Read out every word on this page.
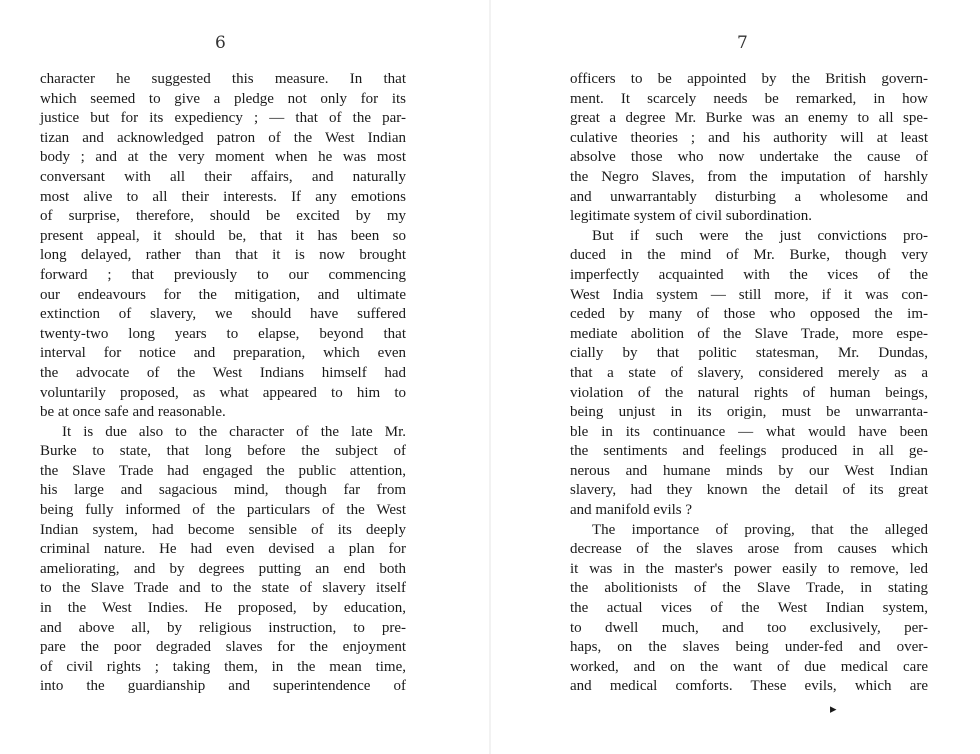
6
character he suggested this measure. In that
which seemed to give a pledge not only for its
justice but for its expediency ; — that of the par-
tizan and acknowledged patron of the West Indian
body ; and at the very moment when he was most
conversant with all their affairs, and naturally
most alive to all their interests. If any emotions
of surprise, therefore, should be excited by my
present appeal, it should be, that it has been so
long delayed, rather than that it is now brought
forward ; that previously to our commencing
our endeavours for the mitigation, and ultimate
extinction of slavery, we should have suffered
twenty-two long years to elapse, beyond that
interval for notice and preparation, which even
the advocate of the West Indians himself had
voluntarily proposed, as what appeared to him to
be at once safe and reasonable.
It is due also to the character of the late Mr.
Burke to state, that long before the subject of
the Slave Trade had engaged the public attention,
his large and sagacious mind, though far from
being fully informed of the particulars of the West
Indian system, had become sensible of its deeply
criminal nature. He had even devised a plan for
ameliorating, and by degrees putting an end both
to the Slave Trade and to the state of slavery itself
in the West Indies. He proposed, by education,
and above all, by religious instruction, to pre-
pare the poor degraded slaves for the enjoyment
of civil rights ; taking them, in the mean time,
into the guardianship and superintendence of
7
officers to be appointed by the British govern-
ment. It scarcely needs be remarked, in how
great a degree Mr. Burke was an enemy to all spe-
culative theories ; and his authority will at least
absolve those who now undertake the cause of
the Negro Slaves, from the imputation of harshly
and unwarrantably disturbing a wholesome and
legitimate system of civil subordination.
But if such were the just convictions pro-
duced in the mind of Mr. Burke, though very
imperfectly acquainted with the vices of the
West India system — still more, if it was con-
ceded by many of those who opposed the im-
mediate abolition of the Slave Trade, more espe-
cially by that politic statesman, Mr. Dundas,
that a state of slavery, considered merely as a
violation of the natural rights of human beings,
being unjust in its origin, must be unwarranta-
ble in its continuance — what would have been
the sentiments and feelings produced in all ge-
nerous and humane minds by our West Indian
slavery, had they known the detail of its great
and manifold evils ?
The importance of proving, that the alleged
decrease of the slaves arose from causes which
it was in the master's power easily to remove, led
the abolitionists of the Slave Trade, in stating
the actual vices of the West Indian system,
to dwell much, and too exclusively, per-
haps, on the slaves being under-fed and over-
worked, and on the want of due medical care
and medical comforts. These evils, which are
▸
